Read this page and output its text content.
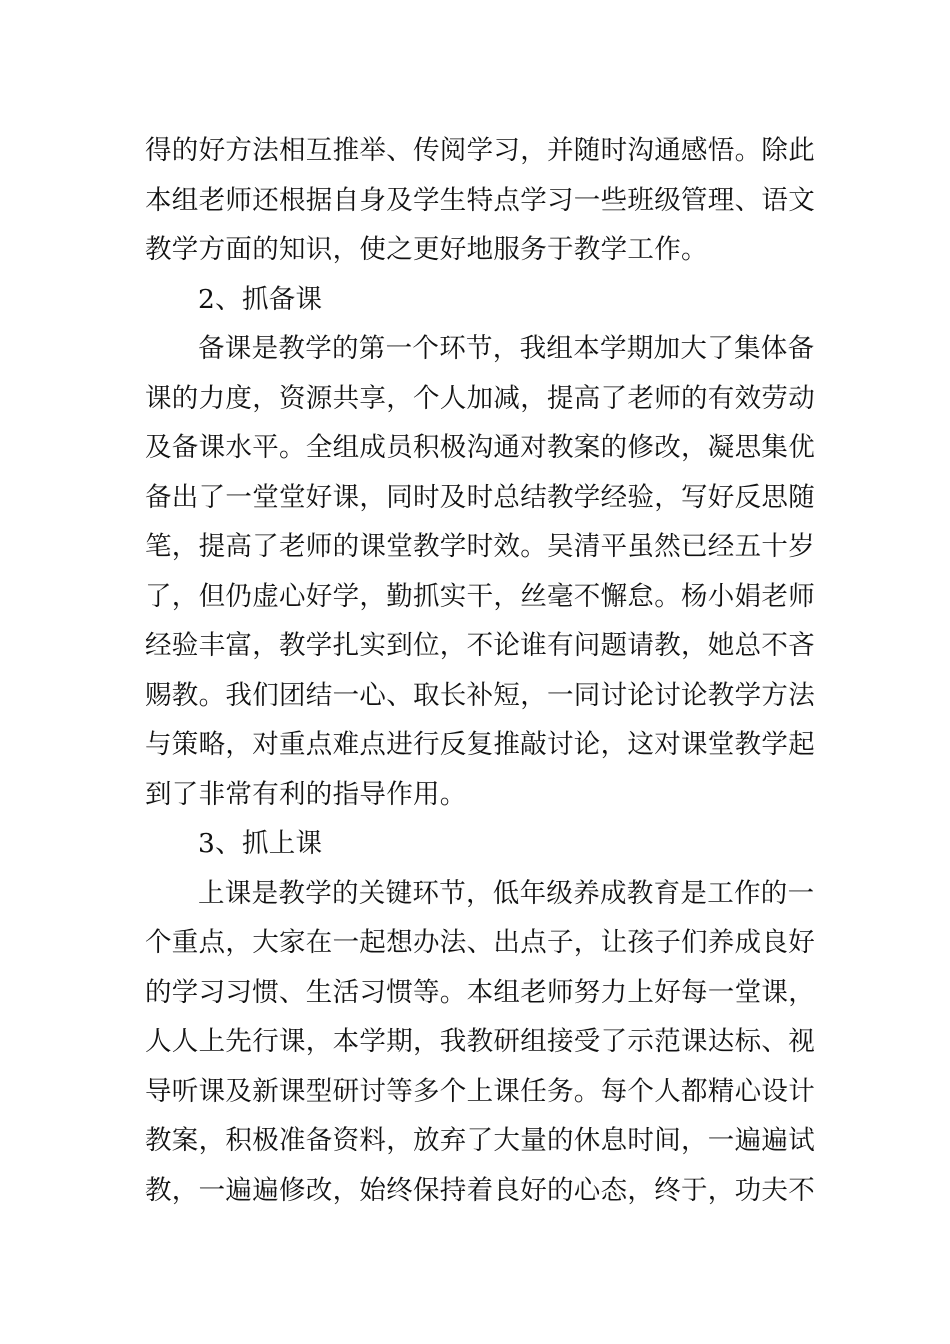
得的好方法相互推举、传阅学习，并随时沟通感悟。除此
本组老师还根据自身及学生特点学习一些班级管理、语文
教学方面的知识，使之更好地服务于教学工作。
2、抓备课
备课是教学的第一个环节，我组本学期加大了集体备
课的力度，资源共享，个人加减，提高了老师的有效劳动
及备课水平。全组成员积极沟通对教案的修改，凝思集优
备出了一堂堂好课，同时及时总结教学经验，写好反思随
笔，提高了老师的课堂教学时效。吴清平虽然已经五十岁
了，但仍虚心好学，勤抓实干，丝毫不懈怠。杨小娟老师
经验丰富，教学扎实到位，不论谁有问题请教，她总不吝
赐教。我们团结一心、取长补短，一同讨论讨论教学方法
与策略，对重点难点进行反复推敲讨论，这对课堂教学起
到了非常有利的指导作用。
3、抓上课
上课是教学的关键环节，低年级养成教育是工作的一
个重点，大家在一起想办法、出点子，让孩子们养成良好
的学习习惯、生活习惯等。本组老师努力上好每一堂课，
人人上先行课，本学期，我教研组接受了示范课达标、视
导听课及新课型研讨等多个上课任务。每个人都精心设计
教案，积极准备资料，放弃了大量的休息时间，一遍遍试
教，一遍遍修改，始终保持着良好的心态，终于，功夫不
